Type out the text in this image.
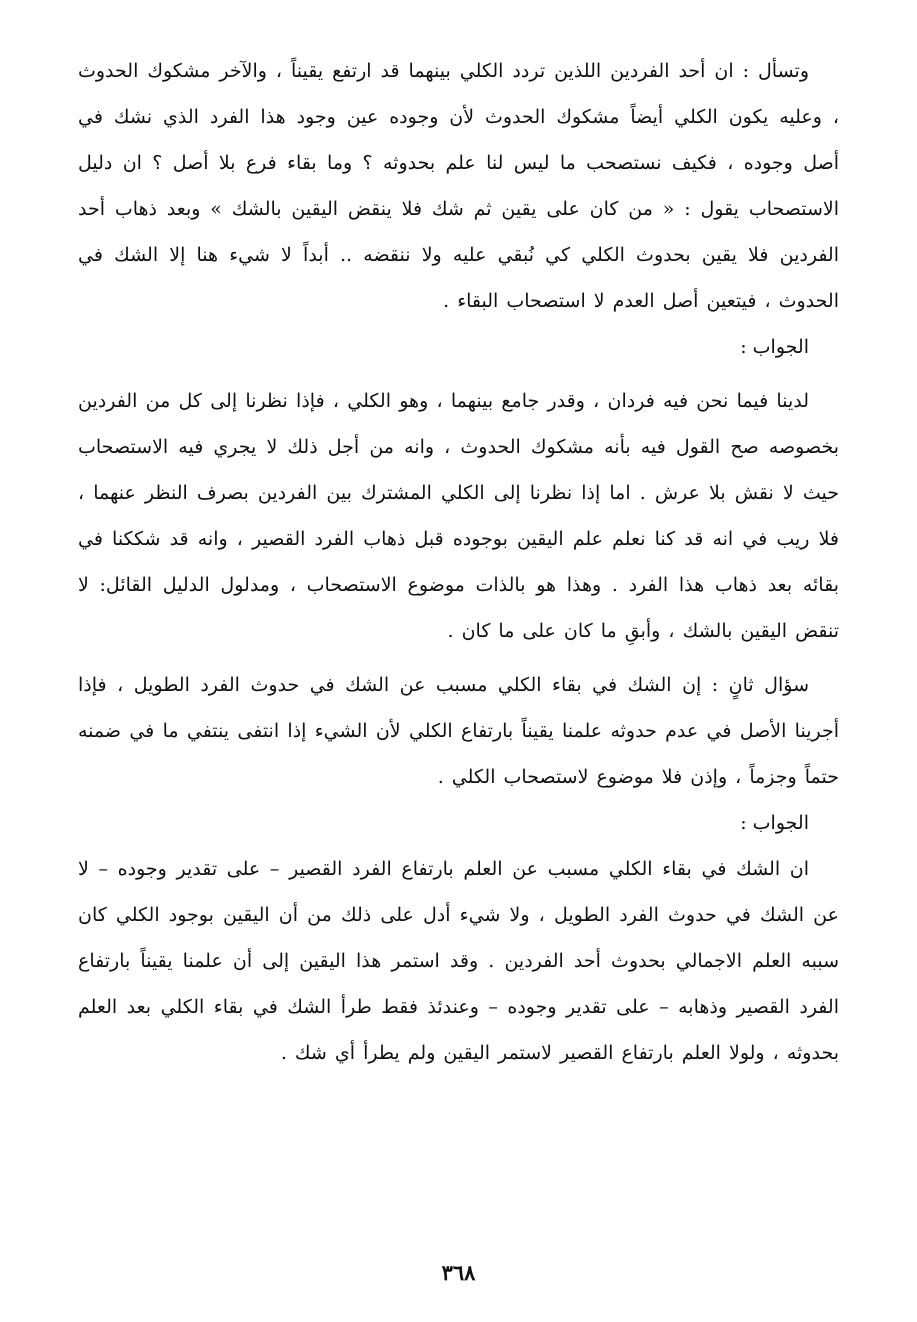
وتسأل : ان أحد الفردين اللذين تردد الكلي بينهما قد ارتفع يقيناً ، والآخر مشكوك الحدوث ، وعليه يكون الكلي أيضاً مشكوك الحدوث لأن وجوده عين وجود هذا الفرد الذي نشك في أصل وجوده ، فكيف نستصحب ما ليس لنا علم بحدوثه ؟ وما بقاء فرع بلا أصل ؟ ان دليل الاستصحاب يقول : « من كان على يقين ثم شك فلا ينقض اليقين بالشك » وبعد ذهاب أحد الفردين فلا يقين بحدوث الكلي كي نُبقي عليه ولا ننقضه .. أبداً لا شيء هنا إلا الشك في الحدوث ، فيتعين أصل العدم لا استصحاب البقاء .

الجواب :

لدينا فيما نحن فيه فردان ، وقدر جامع بينهما ، وهو الكلي ، فإذا نظرنا إلى كل من الفردين بخصوصه صح القول فيه بأنه مشكوك الحدوث ، وانه من أجل ذلك لا يجري فيه الاستصحاب حيث لا نقش بلا عرش . اما إذا نظرنا إلى الكلي المشترك بين الفردين بصرف النظر عنهما ، فلا ريب في انه قد كنا نعلم علم اليقين بوجوده قبل ذهاب الفرد القصير ، وانه قد شككنا في بقائه بعد ذهاب هذا الفرد . وهذا هو بالذات موضوع الاستصحاب ، ومدلول الدليل القائل: لا تنقض اليقين بالشك ، وأبقِ ما كان على ما كان .

سؤال ثانٍ : إن الشك في بقاء الكلي مسبب عن الشك في حدوث الفرد الطويل ، فإذا أجرينا الأصل في عدم حدوثه علمنا يقيناً بارتفاع الكلي لأن الشيء إذا انتفى ينتفي ما في ضمنه حتماً وجزماً ، وإذن فلا موضوع لاستصحاب الكلي .

الجواب :

ان الشك في بقاء الكلي مسبب عن العلم بارتفاع الفرد القصير – على تقدير وجوده – لا عن الشك في حدوث الفرد الطويل ، ولا شيء أدل على ذلك من أن اليقين بوجود الكلي كان سببه العلم الاجمالي بحدوث أحد الفردين . وقد استمر هذا اليقين إلى أن علمنا يقيناً بارتفاع الفرد القصير وذهابه – على تقدير وجوده – وعندئذ فقط طرأ الشك في بقاء الكلي بعد العلم بحدوثه ، ولولا العلم بارتفاع القصير لاستمر اليقين ولم يطرأ أي شك .

٣٦٨
